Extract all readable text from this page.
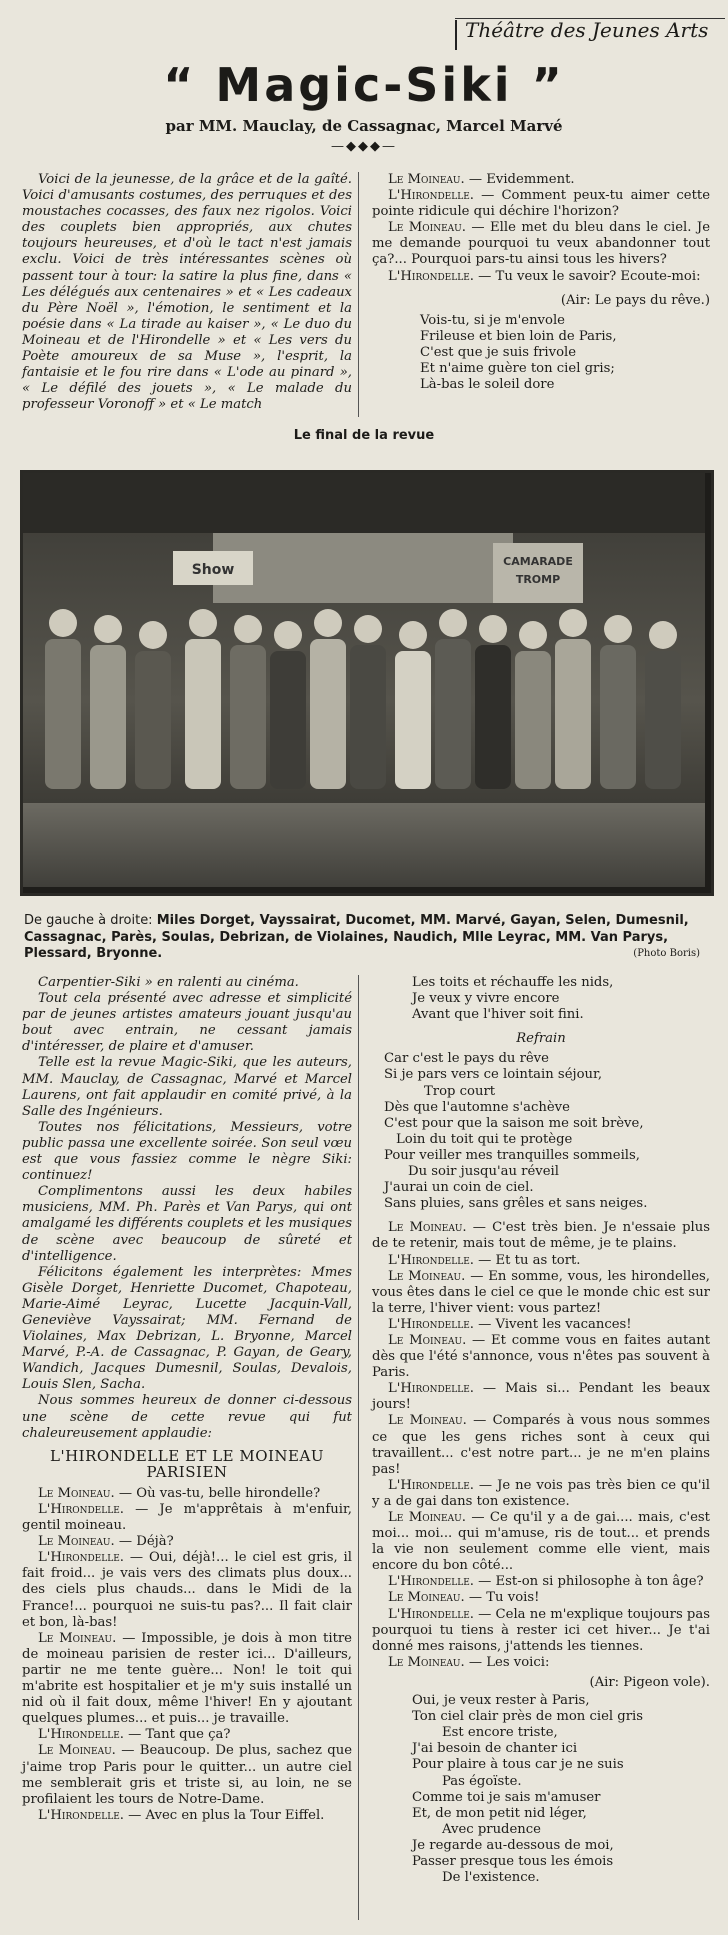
Théâtre des Jeunes Arts
“ Magic-Siki ”
par MM. Mauclay, de Cassagnac, Marcel Marvé
—◆◆◆—

Voici de la jeunesse, de la grâce et de la gaîté. Voici d'amusants costumes, des perruques et des moustaches cocasses, des faux nez rigolos. Voici des couplets bien appropriés, aux chutes toujours heureuses, et d'où le tact n'est jamais exclu. Voici de très intéressantes scènes où passent tour à tour: la satire la plus fine, dans « Les délégués aux centenaires » et « Les cadeaux du Père Noël », l'émotion, le sentiment et la poésie dans « La tirade au kaiser », « Le duo du Moineau et de l'Hirondelle » et « Les vers du Poète amoureux de sa Muse », l'esprit, la fantaisie et le fou rire dans « L'ode au pinard », « Le défilé des jouets », « Le malade du professeur Voronoff » et « Le match

Le Moineau. — Evidemment.

L'Hirondelle. — Comment peux-tu aimer cette pointe ridicule qui déchire l'horizon?

Le Moineau. — Elle met du bleu dans le ciel. Je me demande pourquoi tu veux abandonner tout ça?... Pourquoi pars-tu ainsi tous les hivers?

L'Hirondelle. — Tu veux le savoir? Ecoute-moi:

(Air: Le pays du rêve.)
Vois-tu, si je m'envole
Frileuse et bien loin de Paris,
C'est que je suis frivole
Et n'aime guère ton ciel gris;
Là-bas le soleil dore
Le final de la revue
Show
CAMARADE
TROMP
De gauche à droite: Miles Dorget, Vayssairat, Ducomet, MM. Marvé, Gayan, Selen, Dumesnil, Cassagnac, Parès, Soulas, Debrizan, de Violaines, Naudich, Mlle Leyrac, MM. Van Parys, Plessard, Bryonne.	(Photo Boris)

Carpentier-Siki » en ralenti au cinéma.

Tout cela présenté avec adresse et simplicité par de jeunes artistes amateurs jouant jusqu'au bout avec entrain, ne cessant jamais d'intéresser, de plaire et d'amuser.

Telle est la revue Magic-Siki, que les auteurs, MM. Mauclay, de Cassagnac, Marvé et Marcel Laurens, ont fait applaudir en comité privé, à la Salle des Ingénieurs.

Toutes nos félicitations, Messieurs, votre public passa une excellente soirée. Son seul vœu est que vous fassiez comme le nègre Siki: continuez!

Complimentons aussi les deux habiles musiciens, MM. Ph. Parès et Van Parys, qui ont amalgamé les différents couplets et les musiques de scène avec beaucoup de sûreté et d'intelligence.

Félicitons également les interprètes: Mmes Gisèle Dorget, Henriette Ducomet, Chapoteau, Marie-Aimé Leyrac, Lucette Jacquin-Vall, Geneviève Vayssairat; MM. Fernand de Violaines, Max Debrizan, L. Bryonne, Marcel Marvé, P.-A. de Cassagnac, P. Gayan, de Geary, Wandich, Jacques Dumesnil, Soulas, Devalois, Louis Slen, Sacha.

Nous sommes heureux de donner ci-dessous une scène de cette revue qui fut chaleureusement applaudie:

L'HIRONDELLE ET LE MOINEAU PARISIEN

Le Moineau. — Où vas-tu, belle hirondelle?

L'Hirondelle. — Je m'apprêtais à m'enfuir, gentil moineau.

Le Moineau. — Déjà?

L'Hirondelle. — Oui, déjà!... le ciel est gris, il fait froid... je vais vers des climats plus doux... des ciels plus chauds... dans le Midi de la France!... pourquoi ne suis-tu pas?... Il fait clair et bon, là-bas!

Le Moineau. — Impossible, je dois à mon titre de moineau parisien de rester ici... D'ailleurs, partir ne me tente guère... Non! le toit qui m'abrite est hospitalier et je m'y suis installé un nid où il fait doux, même l'hiver! En y ajoutant quelques plumes... et puis... je travaille.

L'Hirondelle. — Tant que ça?

Le Moineau. — Beaucoup. De plus, sachez que j'aime trop Paris pour le quitter... un autre ciel me semblerait gris et triste si, au loin, ne se profilaient les tours de Notre-Dame.

L'Hirondelle. — Avec en plus la Tour Eiffel.

Les toits et réchauffe les nids,
Je veux y vivre encore
Avant que l'hiver soit fini.
Refrain
Car c'est le pays du rêve
Si je pars vers ce lointain séjour,
Trop court
Dès que l'automne s'achève
C'est pour que la saison me soit brève,
Loin du toit qui te protège
Pour veiller mes tranquilles sommeils,
Du soir jusqu'au réveil
J'aurai un coin de ciel.
Sans pluies, sans grêles et sans neiges.

Le Moineau. — C'est très bien. Je n'essaie plus de te retenir, mais tout de même, je te plains.

L'Hirondelle. — Et tu as tort.

Le Moineau. — En somme, vous, les hirondelles, vous êtes dans le ciel ce que le monde chic est sur la terre, l'hiver vient: vous partez!

L'Hirondelle. — Vivent les vacances!

Le Moineau. — Et comme vous en faites autant dès que l'été s'annonce, vous n'êtes pas souvent à Paris.

L'Hirondelle. — Mais si... Pendant les beaux jours!

Le Moineau. — Comparés à vous nous sommes ce que les gens riches sont à ceux qui travaillent... c'est notre part... je ne m'en plains pas!

L'Hirondelle. — Je ne vois pas très bien ce qu'il y a de gai dans ton existence.

Le Moineau. — Ce qu'il y a de gai.... mais, c'est moi... moi... qui m'amuse, ris de tout... et prends la vie non seulement comme elle vient, mais encore du bon côté...

L'Hirondelle. — Est-on si philosophe à ton âge?

Le Moineau. — Tu vois!

L'Hirondelle. — Cela ne m'explique toujours pas pourquoi tu tiens à rester ici cet hiver... Je t'ai donné mes raisons, j'attends les tiennes.

Le Moineau. — Les voici:

(Air: Pigeon vole).
Oui, je veux rester à Paris,
Ton ciel clair près de mon ciel gris
Est encore triste,
J'ai besoin de chanter ici
Pour plaire à tous car je ne suis
Pas égoïste.
Comme toi je sais m'amuser
Et, de mon petit nid léger,
Avec prudence
Je regarde au-dessous de moi,
Passer presque tous les émois
De l'existence.
